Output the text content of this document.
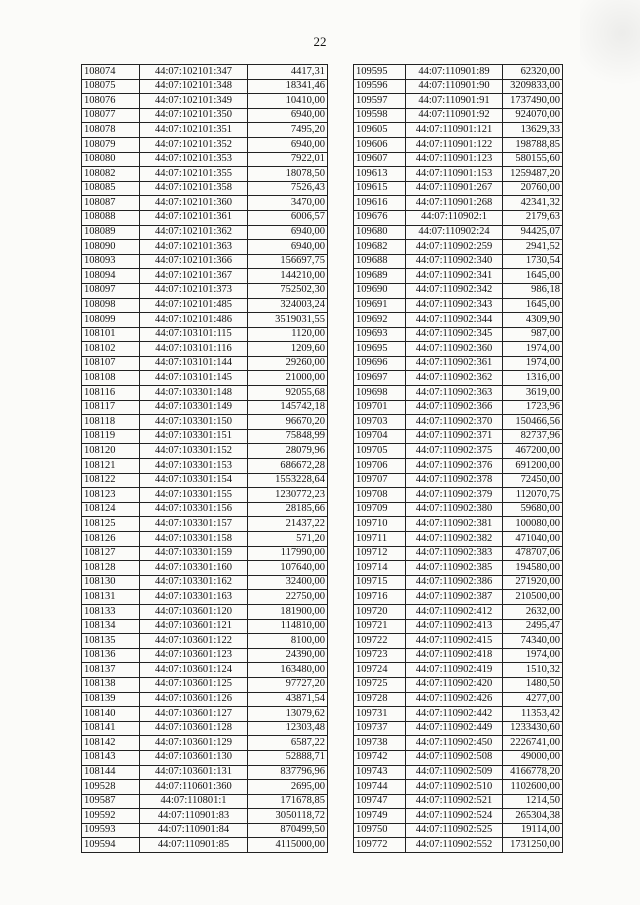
22
108074	44:07:102101:347	4417,31
108075	44:07:102101:348	18341,46
108076	44:07:102101:349	10410,00
108077	44:07:102101:350	6940,00
108078	44:07:102101:351	7495,20
108079	44:07:102101:352	6940,00
108080	44:07:102101:353	7922,01
108082	44:07:102101:355	18078,50
108085	44:07:102101:358	7526,43
108087	44:07:102101:360	3470,00
108088	44:07:102101:361	6006,57
108089	44:07:102101:362	6940,00
108090	44:07:102101:363	6940,00
108093	44:07:102101:366	156697,75
108094	44:07:102101:367	144210,00
108097	44:07:102101:373	752502,30
108098	44:07:102101:485	324003,24
108099	44:07:102101:486	3519031,55
108101	44:07:103101:115	1120,00
108102	44:07:103101:116	1209,60
108107	44:07:103101:144	29260,00
108108	44:07:103101:145	21000,00
108116	44:07:103301:148	92055,68
108117	44:07:103301:149	145742,18
108118	44:07:103301:150	96670,20
108119	44:07:103301:151	75848,99
108120	44:07:103301:152	28079,96
108121	44:07:103301:153	686672,28
108122	44:07:103301:154	1553228,64
108123	44:07:103301:155	1230772,23
108124	44:07:103301:156	28185,66
108125	44:07:103301:157	21437,22
108126	44:07:103301:158	571,20
108127	44:07:103301:159	117990,00
108128	44:07:103301:160	107640,00
108130	44:07:103301:162	32400,00
108131	44:07:103301:163	22750,00
108133	44:07:103601:120	181900,00
108134	44:07:103601:121	114810,00
108135	44:07:103601:122	8100,00
108136	44:07:103601:123	24390,00
108137	44:07:103601:124	163480,00
108138	44:07:103601:125	97727,20
108139	44:07:103601:126	43871,54
108140	44:07:103601:127	13079,62
108141	44:07:103601:128	12303,48
108142	44:07:103601:129	6587,22
108143	44:07:103601:130	52888,71
108144	44:07:103601:131	837796,96
109528	44:07:110601:360	2695,00
109587	44:07:110801:1	171678,85
109592	44:07:110901:83	3050118,72
109593	44:07:110901:84	870499,50
109594	44:07:110901:85	4115000,00
109595	44:07:110901:89	62320,00
109596	44:07:110901:90	3209833,00
109597	44:07:110901:91	1737490,00
109598	44:07:110901:92	924070,00
109605	44:07:110901:121	13629,33
109606	44:07:110901:122	198788,85
109607	44:07:110901:123	580155,60
109613	44:07:110901:153	1259487,20
109615	44:07:110901:267	20760,00
109616	44:07:110901:268	42341,32
109676	44:07:110902:1	2179,63
109680	44:07:110902:24	94425,07
109682	44:07:110902:259	2941,52
109688	44:07:110902:340	1730,54
109689	44:07:110902:341	1645,00
109690	44:07:110902:342	986,18
109691	44:07:110902:343	1645,00
109692	44:07:110902:344	4309,90
109693	44:07:110902:345	987,00
109695	44:07:110902:360	1974,00
109696	44:07:110902:361	1974,00
109697	44:07:110902:362	1316,00
109698	44:07:110902:363	3619,00
109701	44:07:110902:366	1723,96
109703	44:07:110902:370	150466,56
109704	44:07:110902:371	82737,96
109705	44:07:110902:375	467200,00
109706	44:07:110902:376	691200,00
109707	44:07:110902:378	72450,00
109708	44:07:110902:379	112070,75
109709	44:07:110902:380	59680,00
109710	44:07:110902:381	100080,00
109711	44:07:110902:382	471040,00
109712	44:07:110902:383	478707,06
109714	44:07:110902:385	194580,00
109715	44:07:110902:386	271920,00
109716	44:07:110902:387	210500,00
109720	44:07:110902:412	2632,00
109721	44:07:110902:413	2495,47
109722	44:07:110902:415	74340,00
109723	44:07:110902:418	1974,00
109724	44:07:110902:419	1510,32
109725	44:07:110902:420	1480,50
109728	44:07:110902:426	4277,00
109731	44:07:110902:442	11353,42
109737	44:07:110902:449	1233430,60
109738	44:07:110902:450	2226741,00
109742	44:07:110902:508	49000,00
109743	44:07:110902:509	4166778,20
109744	44:07:110902:510	1102600,00
109747	44:07:110902:521	1214,50
109749	44:07:110902:524	265304,38
109750	44:07:110902:525	19114,00
109772	44:07:110902:552	1731250,00
